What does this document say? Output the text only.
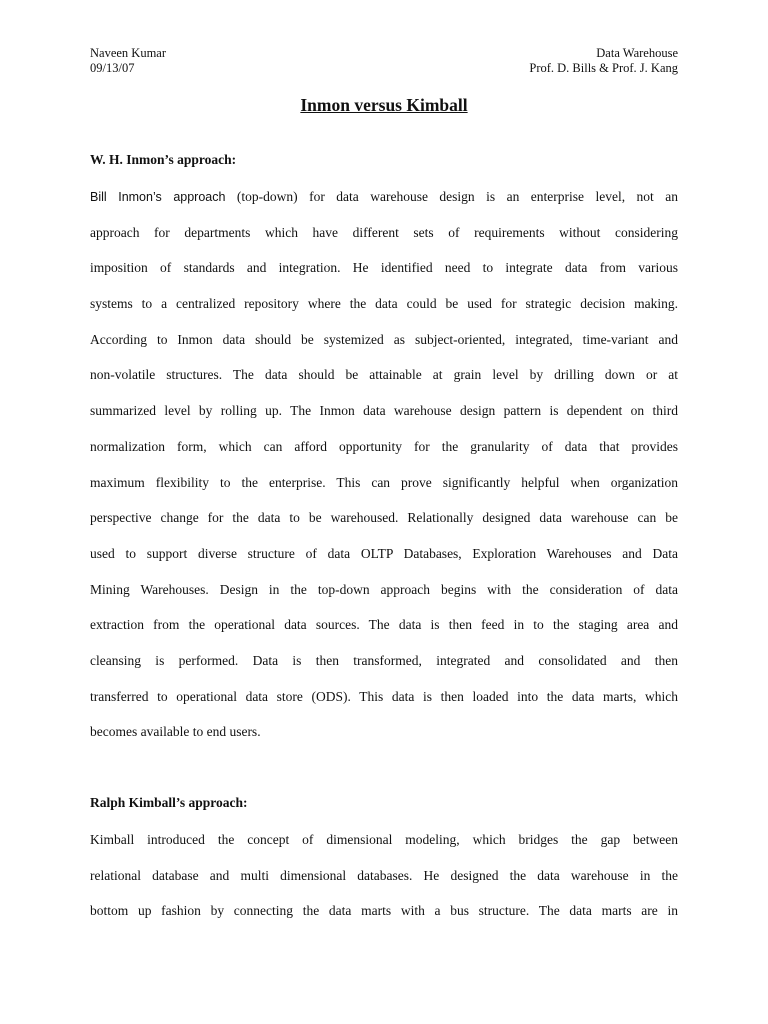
Naveen Kumar
09/13/07
Data Warehouse
Prof. D. Bills & Prof. J. Kang
Inmon versus Kimball
W. H. Inmon’s approach:
Bill Inmon’s approach (top-down) for data warehouse design is an enterprise level, not an
approach for departments which have different sets of requirements without considering
imposition of standards and integration. He identified need to integrate data from various
systems to a centralized repository where the data could be used for strategic decision making.
According to Inmon data should be systemized as subject-oriented, integrated, time-variant and
non-volatile structures. The data should be attainable at grain level by drilling down or at
summarized level by rolling up. The Inmon data warehouse design pattern is dependent on third
normalization form, which can afford opportunity for the granularity of data that provides
maximum flexibility to the enterprise. This can prove significantly helpful when organization
perspective change for the data to be warehoused. Relationally designed data warehouse can be
used to support diverse structure of data OLTP Databases, Exploration Warehouses and Data
Mining Warehouses. Design in the top-down approach begins with the consideration of data
extraction from the operational data sources. The data is then feed in to the staging area and
cleansing is performed. Data is then transformed, integrated and consolidated and then
transferred to operational data store (ODS). This data is then loaded into the data marts, which
becomes available to end users.
Ralph Kimball’s approach:
Kimball introduced the concept of dimensional modeling, which bridges the gap between
relational database and multi dimensional databases. He designed the data warehouse in the
bottom up fashion by connecting the data marts with a bus structure. The data marts are in
